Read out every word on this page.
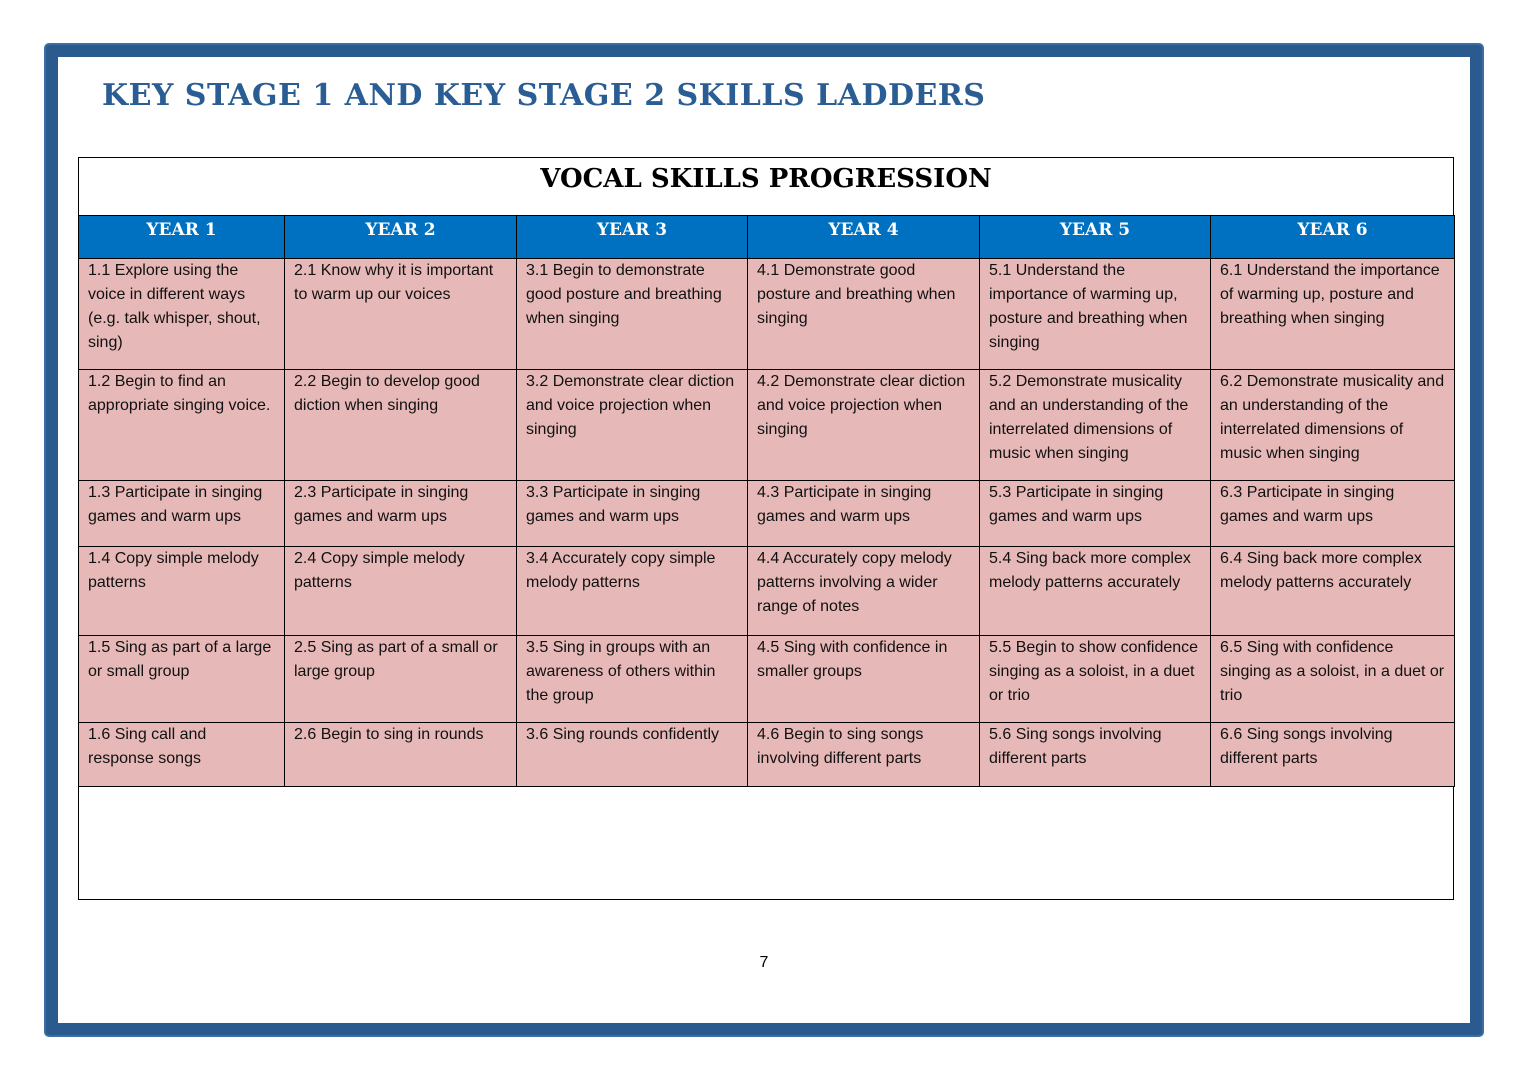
KEY STAGE 1 AND KEY STAGE 2 SKILLS LADDERS
VOCAL SKILLS PROGRESSION
YEAR 1	YEAR 2	YEAR 3	YEAR 4	YEAR 5	YEAR 6
1.1 Explore using the voice in different ways (e.g. talk whisper, shout, sing)	2.1 Know why it is important to warm up our voices	3.1 Begin to demonstrate good posture and breathing when singing	4.1 Demonstrate good posture and breathing when singing	5.1 Understand the importance of warming up, posture and breathing when singing	6.1 Understand the importance of warming up, posture and breathing when singing
1.2 Begin to find an appropriate singing voice.	2.2 Begin to develop good diction when singing	3.2 Demonstrate clear diction and voice projection when singing	4.2 Demonstrate clear diction and voice projection when singing	5.2 Demonstrate musicality and an understanding of the interrelated dimensions of music when singing	6.2 Demonstrate musicality and an understanding of the interrelated dimensions of music when singing
1.3 Participate in singing games and warm ups	2.3 Participate in singing games and warm ups	3.3 Participate in singing games and warm ups	4.3 Participate in singing games and warm ups	5.3 Participate in singing games and warm ups	6.3 Participate in singing games and warm ups
1.4 Copy simple melody patterns	2.4 Copy simple melody patterns	3.4 Accurately copy simple melody patterns	4.4 Accurately copy melody patterns involving a wider range of notes	5.4 Sing back more complex melody patterns accurately	6.4 Sing back more complex melody patterns accurately
1.5 Sing as part of a large or small group	2.5 Sing as part of a small or large group	3.5 Sing in groups with an awareness of others within the group	4.5 Sing with confidence in smaller groups	5.5 Begin to show confidence singing as a soloist, in a duet or trio	6.5 Sing with confidence singing as a soloist, in a duet or trio
1.6 Sing call and response songs	2.6 Begin to sing in rounds	3.6 Sing rounds confidently	4.6 Begin to sing songs involving different parts	5.6 Sing songs involving different parts	6.6 Sing songs involving different parts
7
